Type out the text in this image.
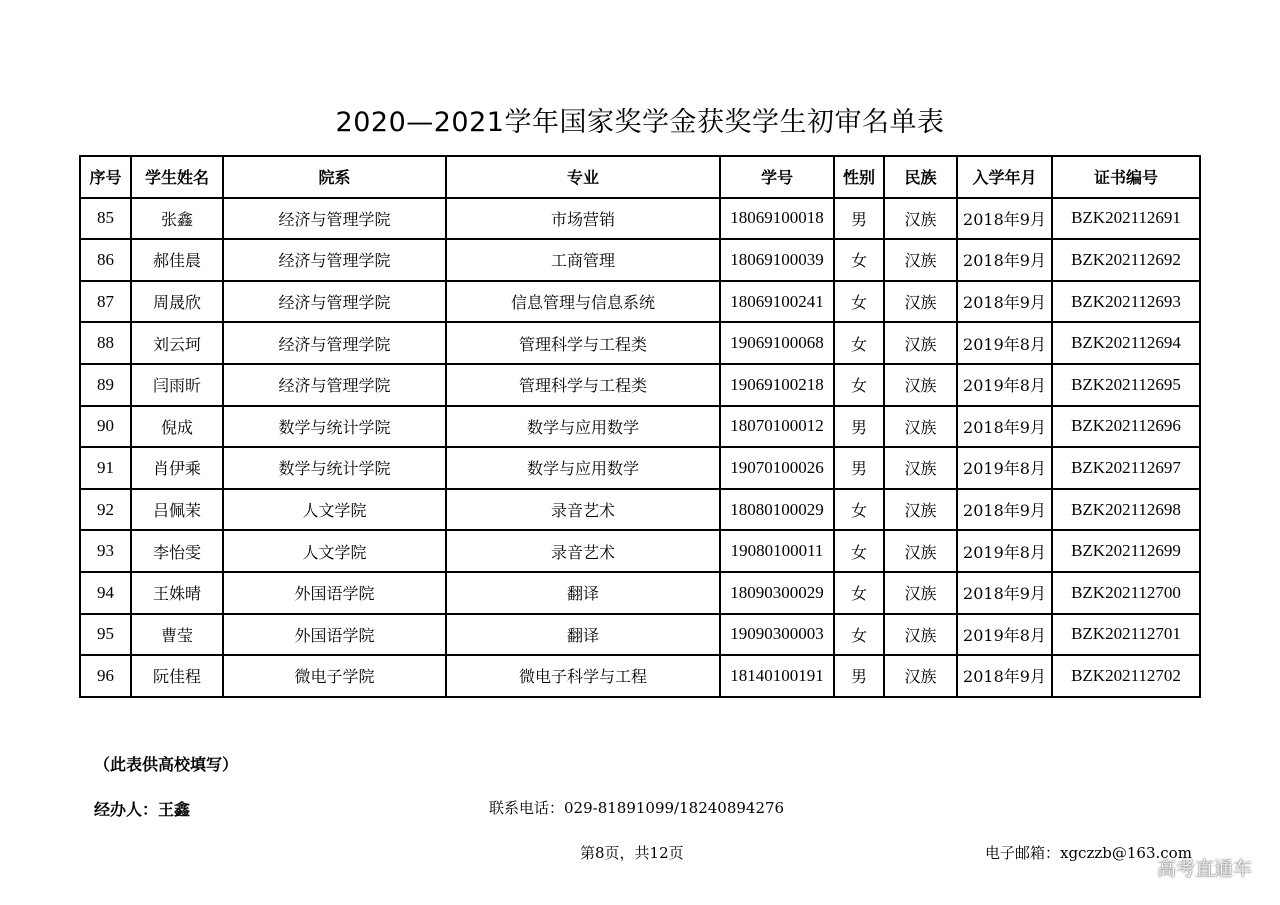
2020—2021学年国家奖学金获奖学生初审名单表
序号	学生姓名	院系	专业	学号	性别	民族	入学年月	证书编号
85	张鑫	经济与管理学院	市场营销	18069100018	男	汉族	2018年9月	BZK202112691
86	郝佳晨	经济与管理学院	工商管理	18069100039	女	汉族	2018年9月	BZK202112692
87	周晟欣	经济与管理学院	信息管理与信息系统	18069100241	女	汉族	2018年9月	BZK202112693
88	刘云珂	经济与管理学院	管理科学与工程类	19069100068	女	汉族	2019年8月	BZK202112694
89	闫雨昕	经济与管理学院	管理科学与工程类	19069100218	女	汉族	2019年8月	BZK202112695
90	倪成	数学与统计学院	数学与应用数学	18070100012	男	汉族	2018年9月	BZK202112696
91	肖伊乘	数学与统计学院	数学与应用数学	19070100026	男	汉族	2019年8月	BZK202112697
92	吕佩茉	人文学院	录音艺术	18080100029	女	汉族	2018年9月	BZK202112698
93	李怡雯	人文学院	录音艺术	19080100011	女	汉族	2019年8月	BZK202112699
94	王姝晴	外国语学院	翻译	18090300029	女	汉族	2018年9月	BZK202112700
95	曹莹	外国语学院	翻译	19090300003	女	汉族	2019年8月	BZK202112701
96	阮佳程	微电子学院	微电子科学与工程	18140100191	男	汉族	2018年9月	BZK202112702
（此表供高校填写）
经办人：王鑫	联系电话：029-81891099/18240894276
第8页，共12页	电子邮箱：xgczzb@163.com
高考直通车
